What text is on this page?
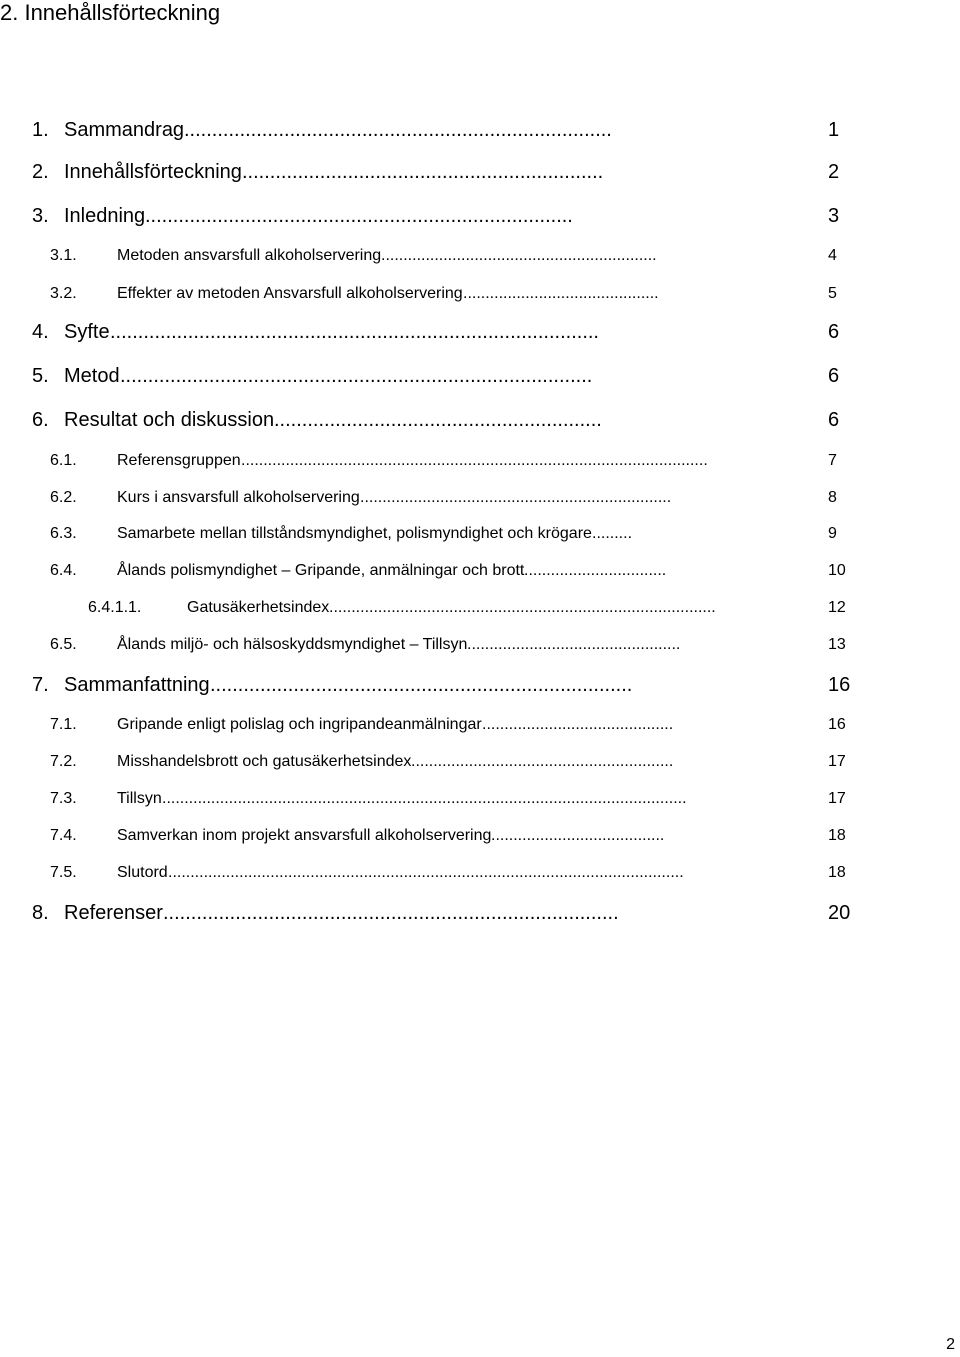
2. Innehållsförteckning
1. Sammandrag .............................................................................	1
2. Innehållsförteckning .................................................................	2
3. Inledning .............................................................................	3
3.1.	Metoden ansvarsfull alkoholservering ..............................................................	4
3.2.	Effekter av metoden Ansvarsfull alkoholservering ............................................	5
4. Syfte ........................................................................................	6
5. Metod .....................................................................................	6
6. Resultat och diskussion ...........................................................	6
6.1.	Referensgruppen .........................................................................................................	7
6.2.	Kurs i ansvarsfull alkoholservering ......................................................................	8
6.3.	Samarbete mellan tillståndsmyndighet, polismyndighet och krögare .........	9
6.4.	Ålands polismyndighet – Gripande, anmälningar och brott ................................	10
6.4.1.1.	Gatusäkerhetsindex .......................................................................................	12
6.5.	Ålands miljö- och hälsoskyddsmyndighet – Tillsyn ................................................	13
7. Sammanfattning ............................................................................	16
7.1.	Gripande enligt polislag och ingripandeanmälningar ...........................................	16
7.2.	Misshandelsbrott och gatusäkerhetsindex ...........................................................	17
7.3.	Tillsyn ......................................................................................................................	17
7.4.	Samverkan inom projekt ansvarsfull alkoholservering .......................................	18
7.5.	Slutord ....................................................................................................................	18
8. Referenser ..................................................................................	20
2
